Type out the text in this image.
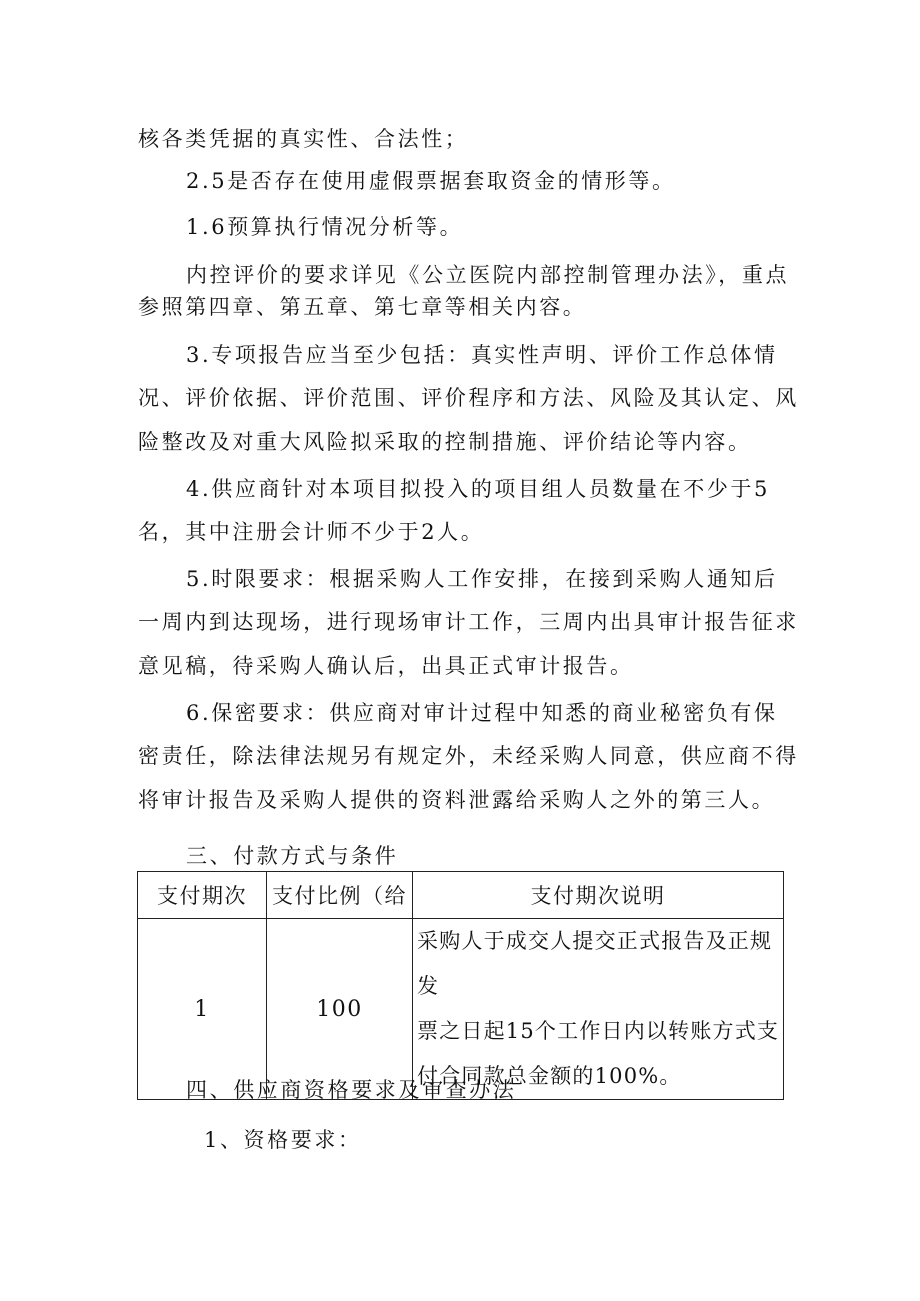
核各类凭据的真实性、合法性；
2.5是否存在使用虚假票据套取资金的情形等。
1.6预算执行情况分析等。
内控评价的要求详见《公立医院内部控制管理办法》，重点
参照第四章、第五章、第七章等相关内容。
3.专项报告应当至少包括：真实性声明、评价工作总体情
况、评价依据、评价范围、评价程序和方法、风险及其认定、风
险整改及对重大风险拟采取的控制措施、评价结论等内容。
4.供应商针对本项目拟投入的项目组人员数量在不少于5
名，其中注册会计师不少于2人。
5.时限要求：根据采购人工作安排，在接到采购人通知后
一周内到达现场，进行现场审计工作，三周内出具审计报告征求
意见稿，待采购人确认后，出具正式审计报告。
6.保密要求：供应商对审计过程中知悉的商业秘密负有保
密责任，除法律法规另有规定外，未经采购人同意，供应商不得
将审计报告及采购人提供的资料泄露给采购人之外的第三人。
三、付款方式与条件
支付期次	支付比例（给	支付期次说明
1	100	采购人于成交人提交正式报告及正规发
票之日起15个工作日内以转账方式支
付合同款总金额的100%。
四、供应商资格要求及审查办法
1、资格要求：
